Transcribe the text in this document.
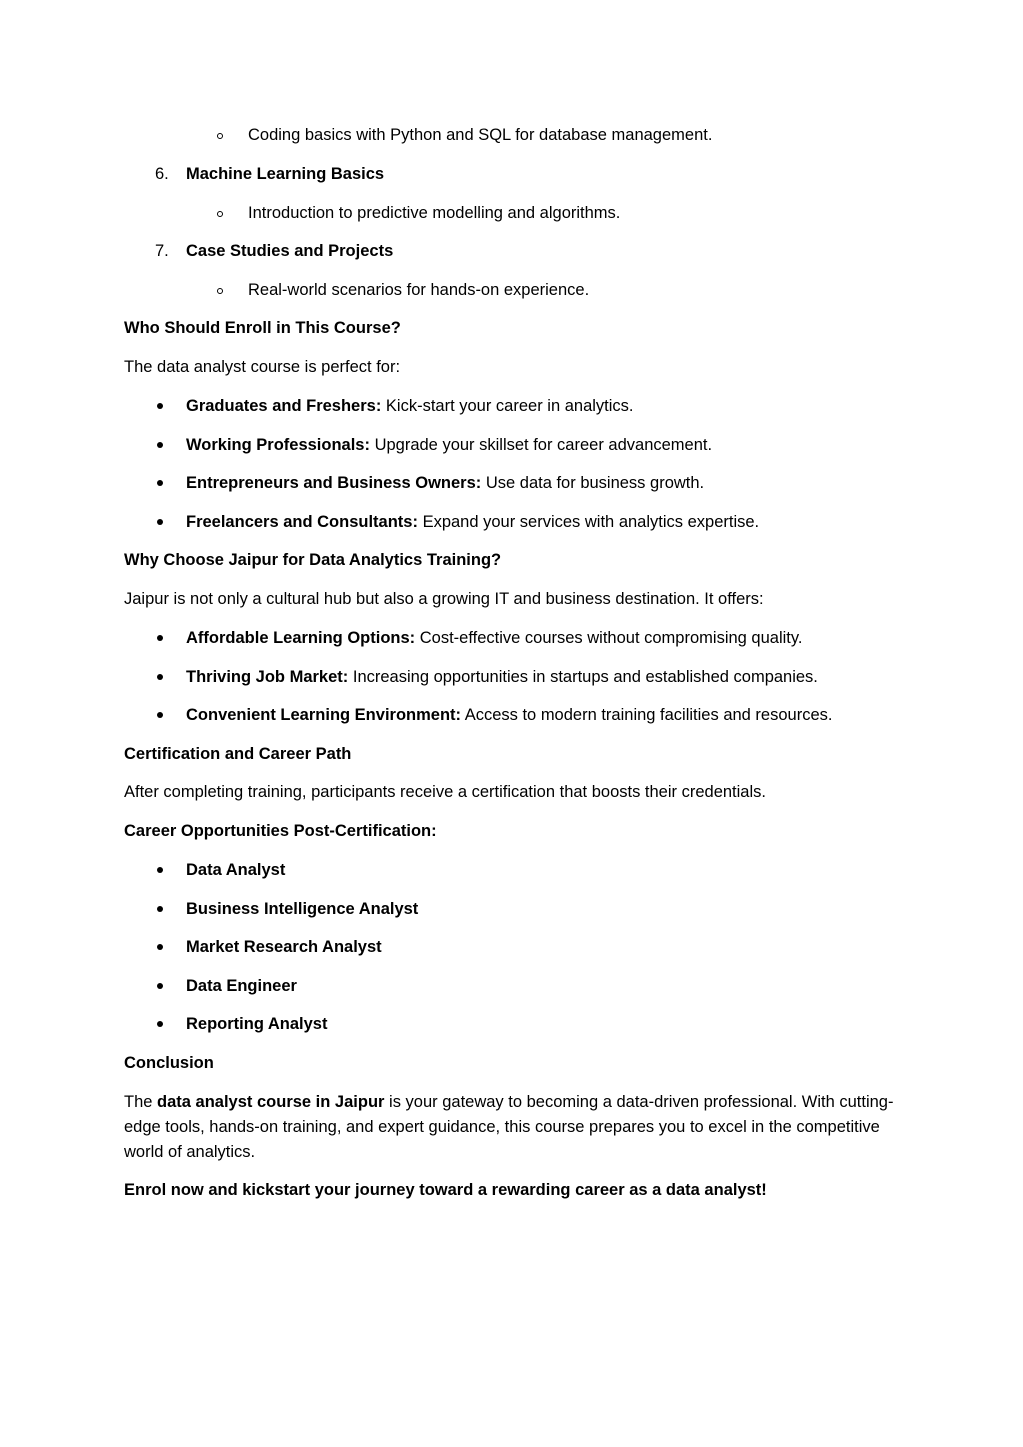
Coding basics with Python and SQL for database management.
6. Machine Learning Basics
Introduction to predictive modelling and algorithms.
7. Case Studies and Projects
Real-world scenarios for hands-on experience.
Who Should Enroll in This Course?
The data analyst course is perfect for:
Graduates and Freshers: Kick-start your career in analytics.
Working Professionals: Upgrade your skillset for career advancement.
Entrepreneurs and Business Owners: Use data for business growth.
Freelancers and Consultants: Expand your services with analytics expertise.
Why Choose Jaipur for Data Analytics Training?
Jaipur is not only a cultural hub but also a growing IT and business destination. It offers:
Affordable Learning Options: Cost-effective courses without compromising quality.
Thriving Job Market: Increasing opportunities in startups and established companies.
Convenient Learning Environment: Access to modern training facilities and resources.
Certification and Career Path
After completing training, participants receive a certification that boosts their credentials.
Career Opportunities Post-Certification:
Data Analyst
Business Intelligence Analyst
Market Research Analyst
Data Engineer
Reporting Analyst
Conclusion
The data analyst course in Jaipur is your gateway to becoming a data-driven professional. With cutting-edge tools, hands-on training, and expert guidance, this course prepares you to excel in the competitive world of analytics.
Enrol now and kickstart your journey toward a rewarding career as a data analyst!
